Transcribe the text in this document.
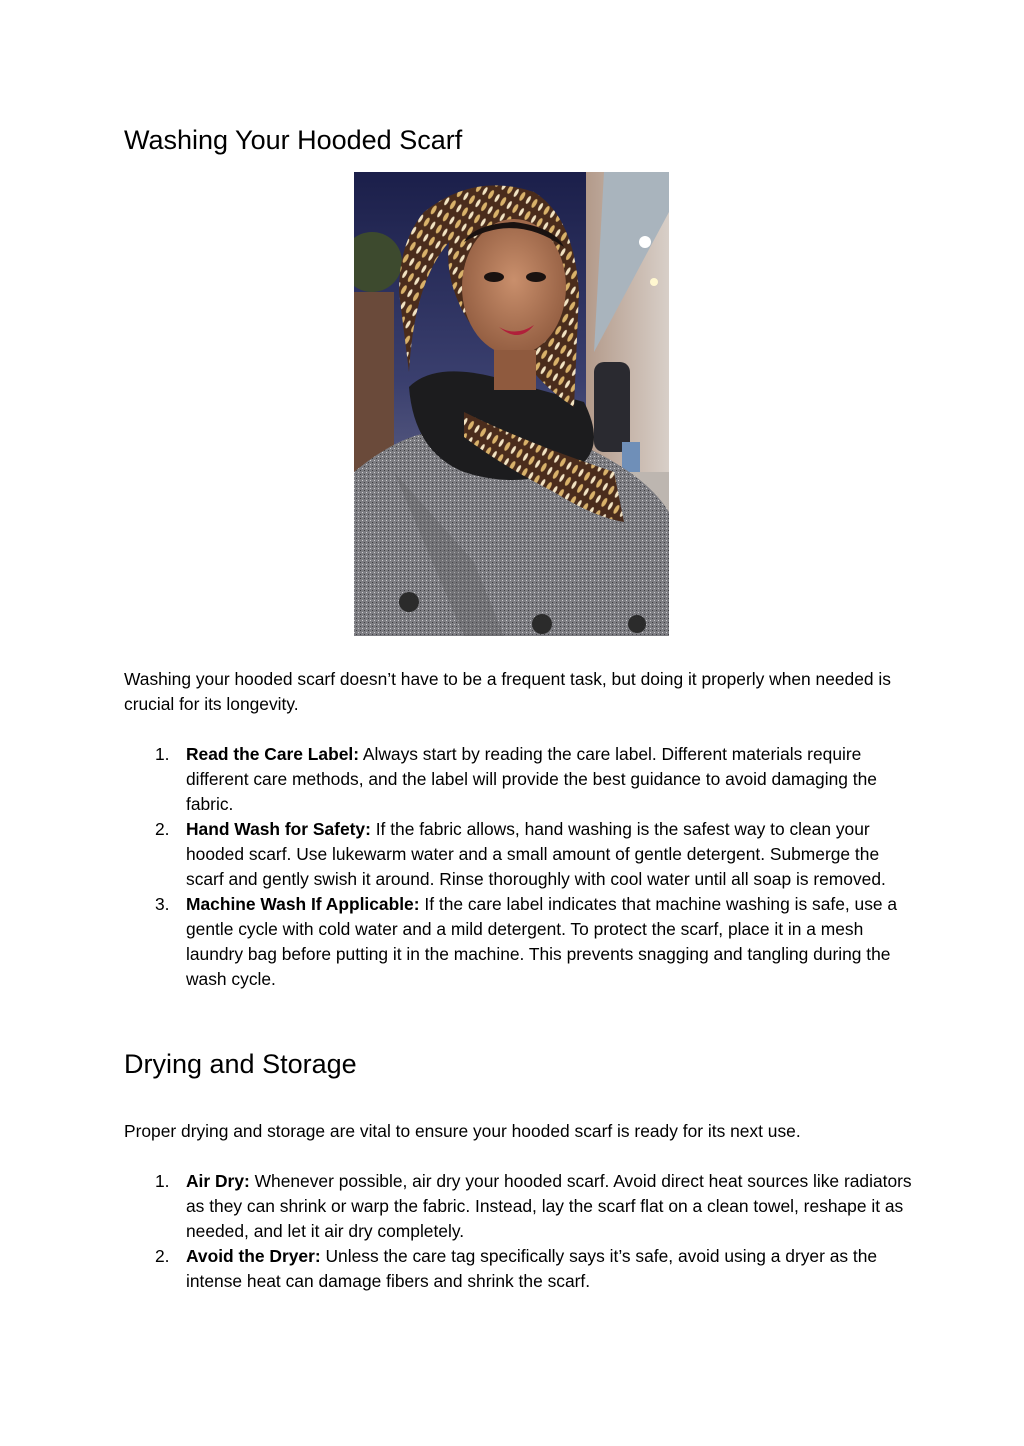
Washing Your Hooded Scarf

Washing your hooded scarf doesn’t have to be a frequent task, but doing it properly when needed is crucial for its longevity.

1. Read the Care Label: Always start by reading the care label. Different materials require different care methods, and the label will provide the best guidance to avoid damaging the fabric.
2. Hand Wash for Safety: If the fabric allows, hand washing is the safest way to clean your hooded scarf. Use lukewarm water and a small amount of gentle detergent. Submerge the scarf and gently swish it around. Rinse thoroughly with cool water until all soap is removed.
3. Machine Wash If Applicable: If the care label indicates that machine washing is safe, use a gentle cycle with cold water and a mild detergent. To protect the scarf, place it in a mesh laundry bag before putting it in the machine. This prevents snagging and tangling during the wash cycle.
Drying and Storage

Proper drying and storage are vital to ensure your hooded scarf is ready for its next use.

1. Air Dry: Whenever possible, air dry your hooded scarf. Avoid direct heat sources like radiators as they can shrink or warp the fabric. Instead, lay the scarf flat on a clean towel, reshape it as needed, and let it air dry completely.
2. Avoid the Dryer: Unless the care tag specifically says it’s safe, avoid using a dryer as the intense heat can damage fibers and shrink the scarf.
